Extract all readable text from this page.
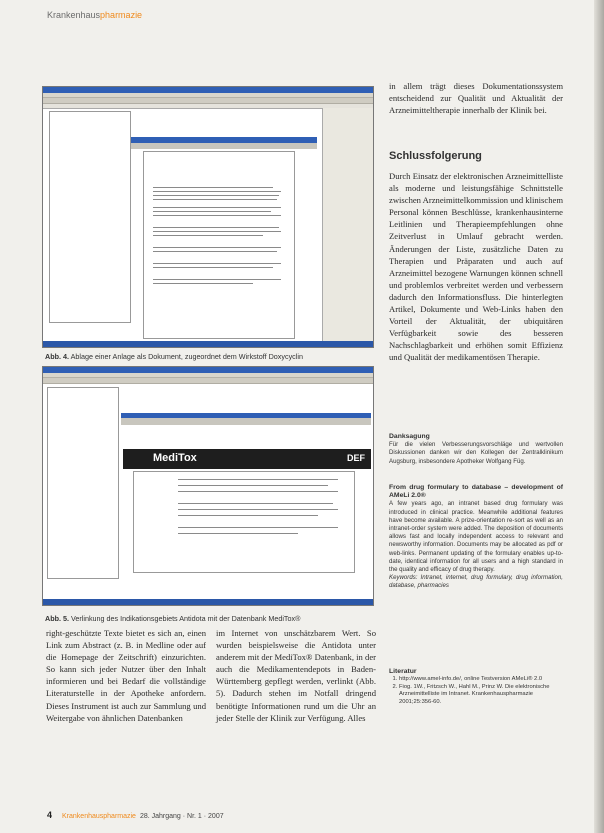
Krankenhauspharmazie
Abb. 4. Ablage einer Anlage als Dokument, zugeordnet dem Wirkstoff Doxycyclin
MediTox	DEF
Abb. 5. Verlinkung des Indikationsgebiets Antidota mit der Datenbank MediTox®
in allem trägt dieses Dokumentationssystem entscheidend zur Qualität und Aktualität der Arzneimitteltherapie innerhalb der Klinik bei.
Schlussfolgerung
Durch Einsatz der elektronischen Arzneimittelliste als moderne und leistungsfähige Schnittstelle zwischen Arzneimittelkommission und klinischem Personal können Beschlüsse, krankenhausinterne Leitlinien und Therapieempfehlungen ohne Zeitverlust in Umlauf gebracht werden. Änderungen der Liste, zusätzliche Daten zu Therapien und Präparaten und auch auf Arzneimittel bezogene Warnungen können schnell und problemlos verbreitet werden und verbessern dadurch den Informationsfluss. Die hinterlegten Artikel, Dokumente und Web-Links haben den Vorteil der Aktualität, der ubiquitären Verfügbarkeit sowie des besseren Nachschlagbarkeit und erhöhen somit Effizienz und Qualität der medikamentösen Therapie.

Danksagung

Für die vielen Verbesserungsvorschläge und wertvollen Diskussionen danken wir den Kollegen der Zentralklinikum Augsburg, insbesondere Apotheker Wolfgang Füg.

From drug formulary to database – development of AMeLi 2.0®

A few years ago, an intranet based drug formulary was introduced in clinical practice. Meanwhile additional features have become available. A prize-orientation re-sort as well as an intranet-order system were added. The deposition of documents allows fast and locally independent access to relevant and newsworthy information. Documents may be allocated as pdf or web-links. Permanent updating of the formulary enables up-to-date, identical information for all users and a high standard in the quality and efficacy of drug therapy.

Keywords: Intranet, internet, drug formulary, drug information, database, pharmacies

Literatur
1. http://www.amel-info.de/, online Testversion AMeLi® 2.0
2. Fiog. 1W., Fritzsch W., Hahl M., Prinz W. Die elektronische Arzneimittelliste im Intranet. Krankenhauspharmazie 2001;25:356-60.
right-geschützte Texte bietet es sich an, einen Link zum Abstract (z. B. in Medline oder auf die Homepage der Zeitschrift) einzurichten. So kann sich jeder Nutzer über den Inhalt informieren und bei Bedarf die vollständige Literaturstelle in der Apotheke anfordern. Dieses Instrument ist auch zur Sammlung und Weitergabe von ähnlichen Datenbanken
im Internet von unschätzbarem Wert. So wurden beispielsweise die Antidota unter anderem mit der MediTox® Datenbank, in der auch die Medikamentendepots in Baden-Württemberg gepflegt werden, verlinkt (Abb. 5). Dadurch stehen im Notfall dringend benötigte Informationen rund um die Uhr an jeder Stelle der Klinik zur Verfügung. Alles
4 Krankenhauspharmazie 28. Jahrgang · Nr. 1 · 2007
